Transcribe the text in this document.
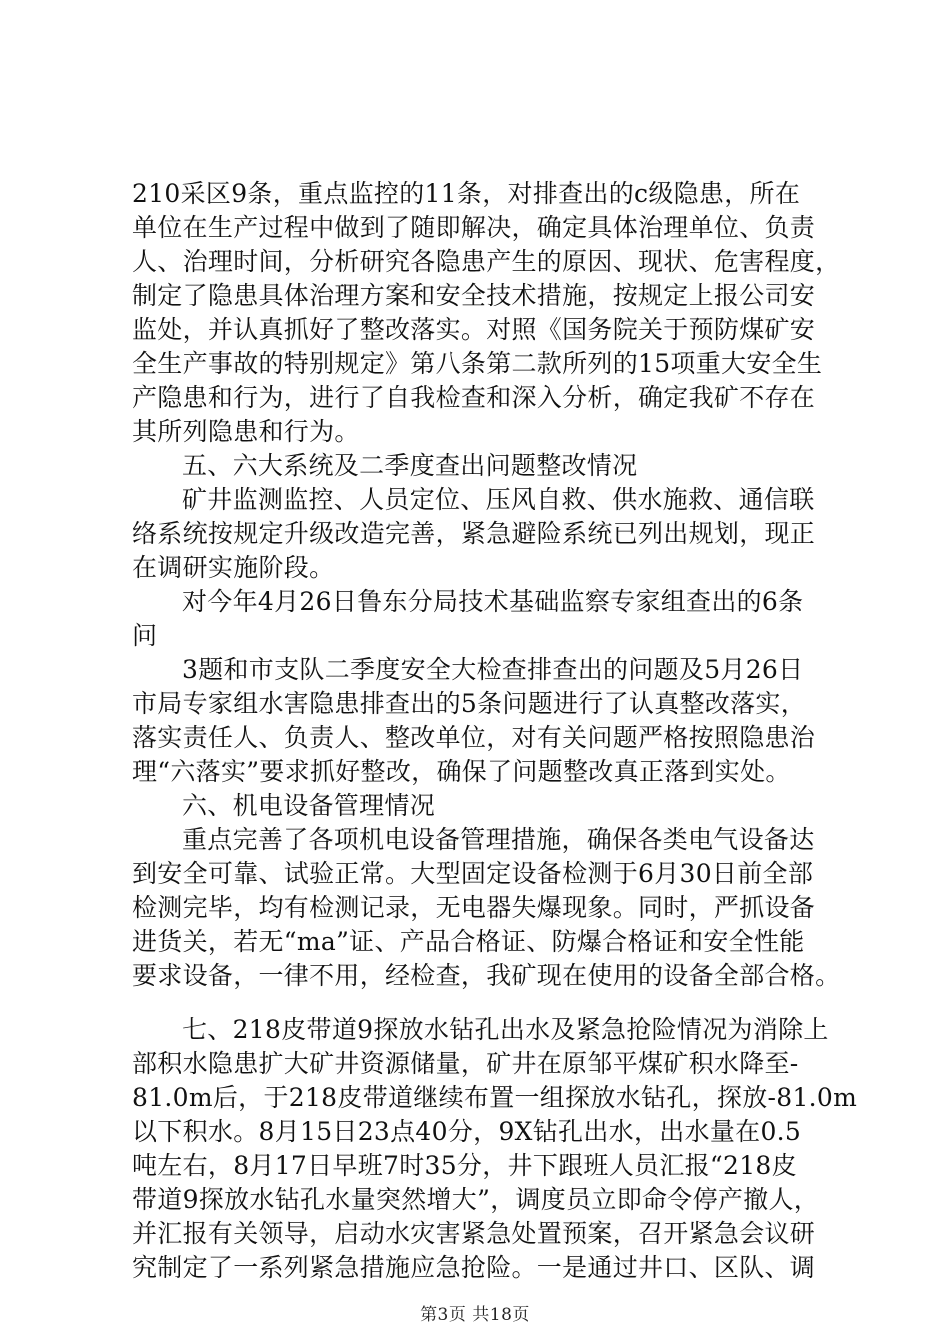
210采区9条，重点监控的11条，对排查出的c级隐患，所在
单位在生产过程中做到了随即解决，确定具体治理单位、负责
人、治理时间，分析研究各隐患产生的原因、现状、危害程度，
制定了隐患具体治理方案和安全技术措施，按规定上报公司安
监处，并认真抓好了整改落实。对照《国务院关于预防煤矿安
全生产事故的特别规定》第八条第二款所列的15项重大安全生
产隐患和行为，进行了自我检查和深入分析，确定我矿不存在
其所列隐患和行为。
五、六大系统及二季度查出问题整改情况
矿井监测监控、人员定位、压风自救、供水施救、通信联
络系统按规定升级改造完善，紧急避险系统已列出规划，现正
在调研实施阶段。
对今年4月26日鲁东分局技术基础监察专家组查出的6条
问
3题和市支队二季度安全大检查排查出的问题及5月26日
市局专家组水害隐患排查出的5条问题进行了认真整改落实，
落实责任人、负责人、整改单位，对有关问题严格按照隐患治
理“六落实”要求抓好整改，确保了问题整改真正落到实处。
六、机电设备管理情况
重点完善了各项机电设备管理措施，确保各类电气设备达
到安全可靠、试验正常。大型固定设备检测于6月30日前全部
检测完毕，均有检测记录，无电器失爆现象。同时，严抓设备
进货关，若无“ma”证、产品合格证、防爆合格证和安全性能
要求设备，一律不用，经检查，我矿现在使用的设备全部合格。
七、218皮带道9探放水钻孔出水及紧急抢险情况为消除上
部积水隐患扩大矿井资源储量，矿井在原邹平煤矿积水降至-
81.0m后，于218皮带道继续布置一组探放水钻孔，探放-81.0m
以下积水。8月15日23点40分，9X钻孔出水，出水量在0.5
吨左右，8月17日早班7时35分，井下跟班人员汇报“218皮
带道9探放水钻孔水量突然增大”，调度员立即命令停产撤人，
并汇报有关领导，启动水灾害紧急处置预案，召开紧急会议研
究制定了一系列紧急措施应急抢险。一是通过井口、区队、调
第3页 共18页
